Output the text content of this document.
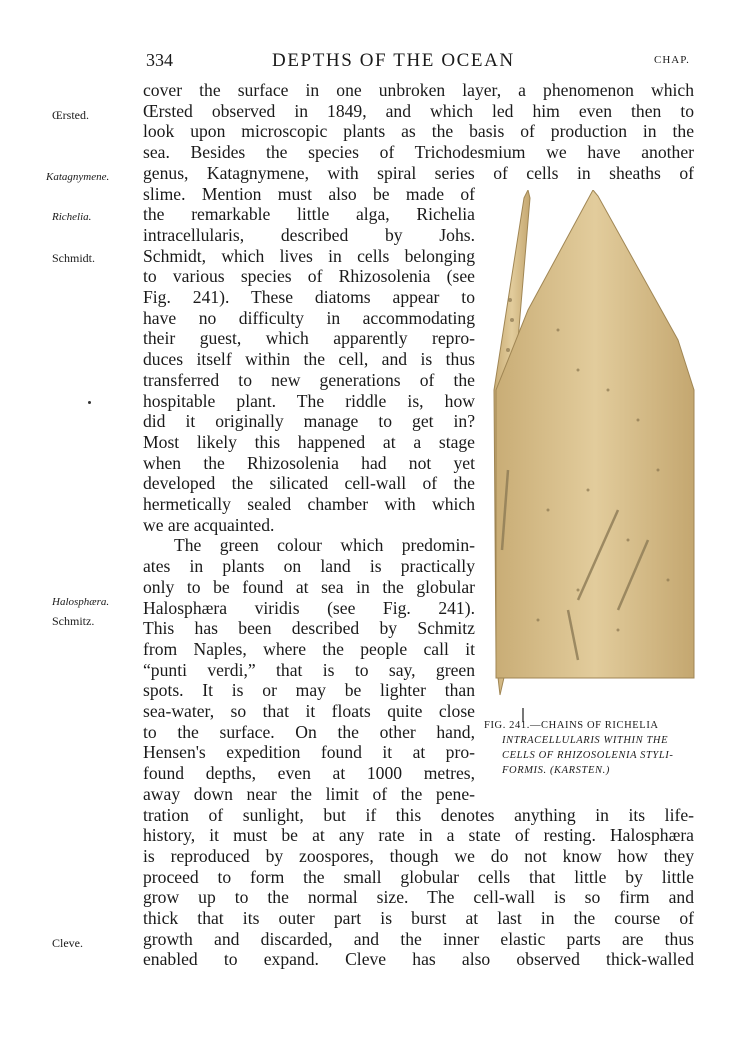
334	DEPTHS OF THE OCEAN	CHAP.
Œrsted.
Katagnymene.
Richelia.
Schmidt.
Halosphæra.
Schmitz.
Cleve.
cover the surface in one unbroken layer, a phenomenon which
Œrsted observed in 1849, and which led him even then to
look upon microscopic plants as the basis of production in the
sea. Besides the species of Trichodesmium we have another
genus, Katagnymene, with spiral series of cells in sheaths of
slime. Mention must also be made of
the remarkable little alga, Richelia
intracellularis, described by Johs.
Schmidt, which lives in cells belonging
to various species of Rhizosolenia (see
Fig. 241). These diatoms appear to
have no difficulty in accommodating
their guest, which apparently repro-
duces itself within the cell, and is thus
transferred to new generations of the
hospitable plant. The riddle is, how
did it originally manage to get in?
Most likely this happened at a stage
when the Rhizosolenia had not yet
developed the silicated cell-wall of the
hermetically sealed chamber with which
we are acquainted.
The green colour which predomin-
ates in plants on land is practically
only to be found at sea in the globular
Halosphæra viridis (see Fig. 241).
This has been described by Schmitz
from Naples, where the people call it
“punti verdi,” that is to say, green
spots. It is or may be lighter than
sea-water, so that it floats quite close
to the surface. On the other hand,
Hensen's expedition found it at pro-
found depths, even at 1000 metres,
away down near the limit of the pene-
tration of sunlight, but if this denotes anything in its life-
history, it must be at any rate in a state of resting. Halosphæra
is reproduced by zoospores, though we do not know how they
proceed to form the small globular cells that little by little
grow up to the normal size. The cell-wall is so firm and
thick that its outer part is burst at last in the course of
growth and discarded, and the inner elastic parts are thus
enabled to expand. Cleve has also observed thick-walled
FIG. 241.—CHAINS OF RICHELIA
INTRACELLULARIS WITHIN THE
CELLS OF RHIZOSOLENIA STYLI-
FORMIS. (KARSTEN.)
